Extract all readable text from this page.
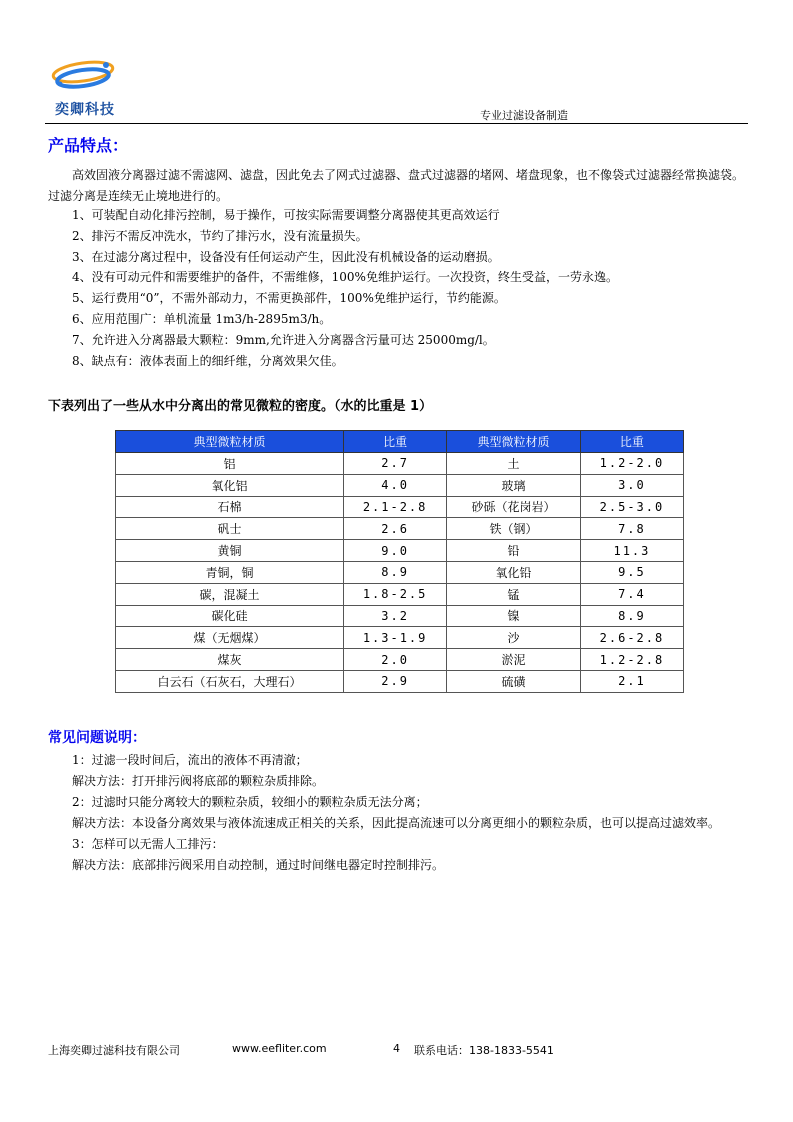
奕卿科技	专业过滤设备制造
产品特点：
高效固液分离器过滤不需滤网、滤盘，因此免去了网式过滤器、盘式过滤器的堵网、堵盘现象，也不像袋式过滤器经常换滤袋。过滤分离是连续无止境地进行的。
1、可装配自动化排污控制，易于操作，可按实际需要调整分离器使其更高效运行
2、排污不需反冲洗水，节约了排污水，没有流量损失。
3、在过滤分离过程中，设备没有任何运动产生，因此没有机械设备的运动磨损。
4、没有可动元件和需要维护的备件，不需维修，100%免维护运行。一次投资，终生受益，一劳永逸。
5、运行费用“0”，不需外部动力，不需更换部件，100%免维护运行，节约能源。
6、应用范围广：单机流量 1m3/h-2895m3/h。
7、允许进入分离器最大颗粒：9mm,允许进入分离器含污量可达 25000mg/l。
8、缺点有：液体表面上的细纤维，分离效果欠佳。
下表列出了一些从水中分离出的常见微粒的密度。（水的比重是 1）
典型微粒材质	比重	典型微粒材质	比重
铝	2.7	土	1.2-2.0
氧化铝	4.0	玻璃	3.0
石棉	2.1-2.8	砂砾（花岗岩）	2.5-3.0
矾士	2.6	铁（钢）	7.8
黄铜	9.0	铅	11.3
青铜，铜	8.9	氧化铅	9.5
碳，混凝土	1.8-2.5	锰	7.4
碳化硅	3.2	镍	8.9
煤（无烟煤）	1.3-1.9	沙	2.6-2.8
煤灰	2.0	淤泥	1.2-2.8
白云石（石灰石，大理石）	2.9	硫磺	2.1
常见问题说明：
1：过滤一段时间后，流出的液体不再清澈；
解决方法：打开排污阀将底部的颗粒杂质排除。
2：过滤时只能分离较大的颗粒杂质，较细小的颗粒杂质无法分离；
解决方法：本设备分离效果与液体流速成正相关的关系，因此提高流速可以分离更细小的颗粒杂质，也可以提高过滤效率。
3：怎样可以无需人工排污：
解决方法：底部排污阀采用自动控制，通过时间继电器定时控制排污。
上海奕卿过滤科技有限公司	www.eefliter.com	4 联系电话：138-1833-5541
